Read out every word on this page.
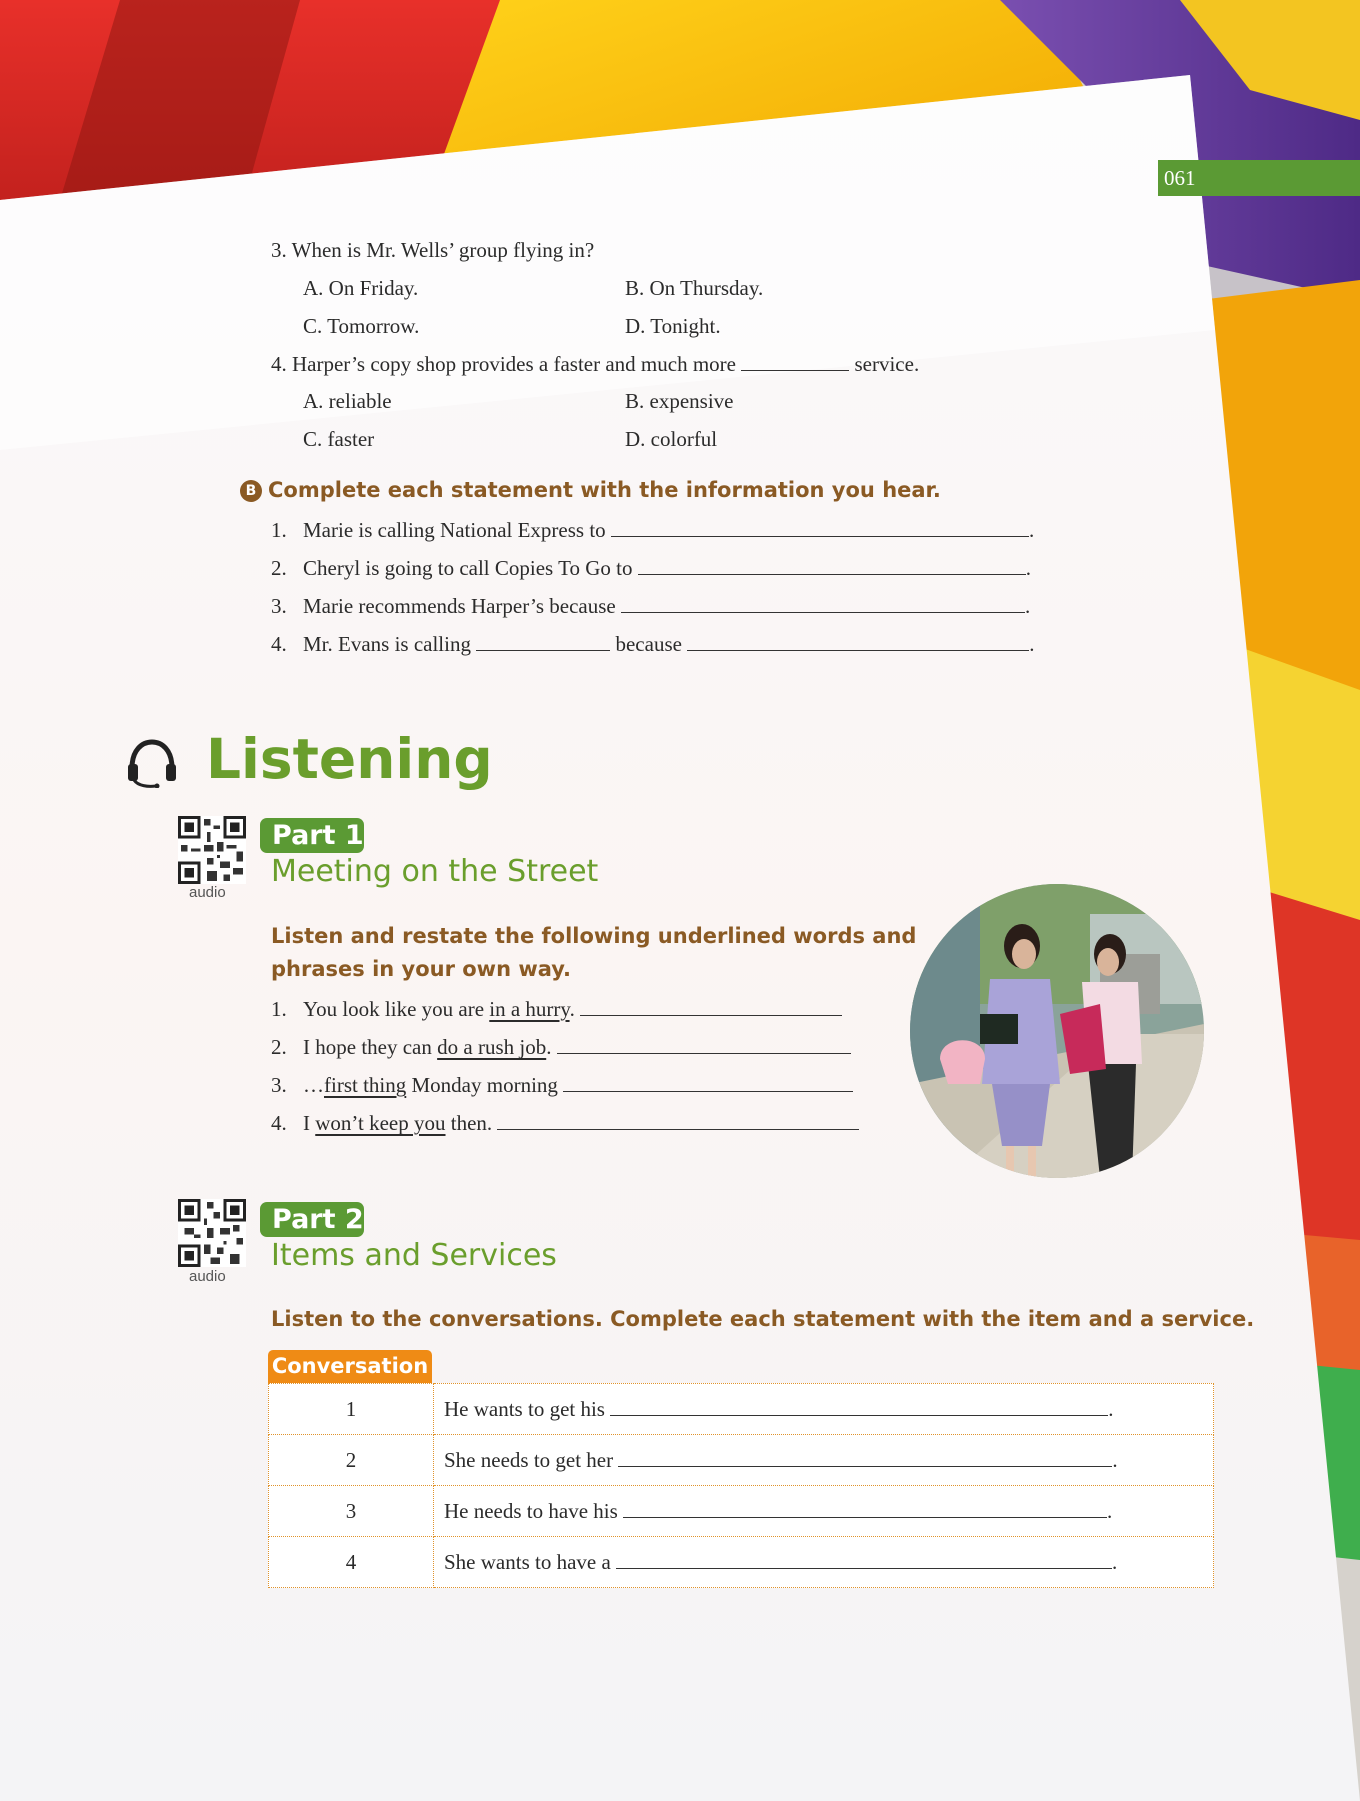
061
3. When is Mr. Wells’ group flying in?
A. On Friday.	B. On Thursday.
C. Tomorrow.	D. Tonight.
4. Harper’s copy shop provides a faster and much more	service.
A. reliable	B. expensive
C. faster	D. colorful
B Complete each statement with the information you hear.
1. Marie is calling National Express to	.
2. Cheryl is going to call Copies To Go to	.
3. Marie recommends Harper’s because	.
4. Mr. Evans is calling	because	.
Listening
audio
Part 1
Meeting on the Street
Listen and restate the following underlined words and
phrases in your own way.
1. You look like you are in a hurry.
2. I hope they can do a rush job.
3. …first thing Monday morning
4. I won’t keep you then.
audio
Part 2
Items and Services
Listen to the conversations. Complete each statement with the item and a service.
Conversation
1	He wants to get his .
2	She needs to get her .
3	He needs to have his .
4	She wants to have a .
